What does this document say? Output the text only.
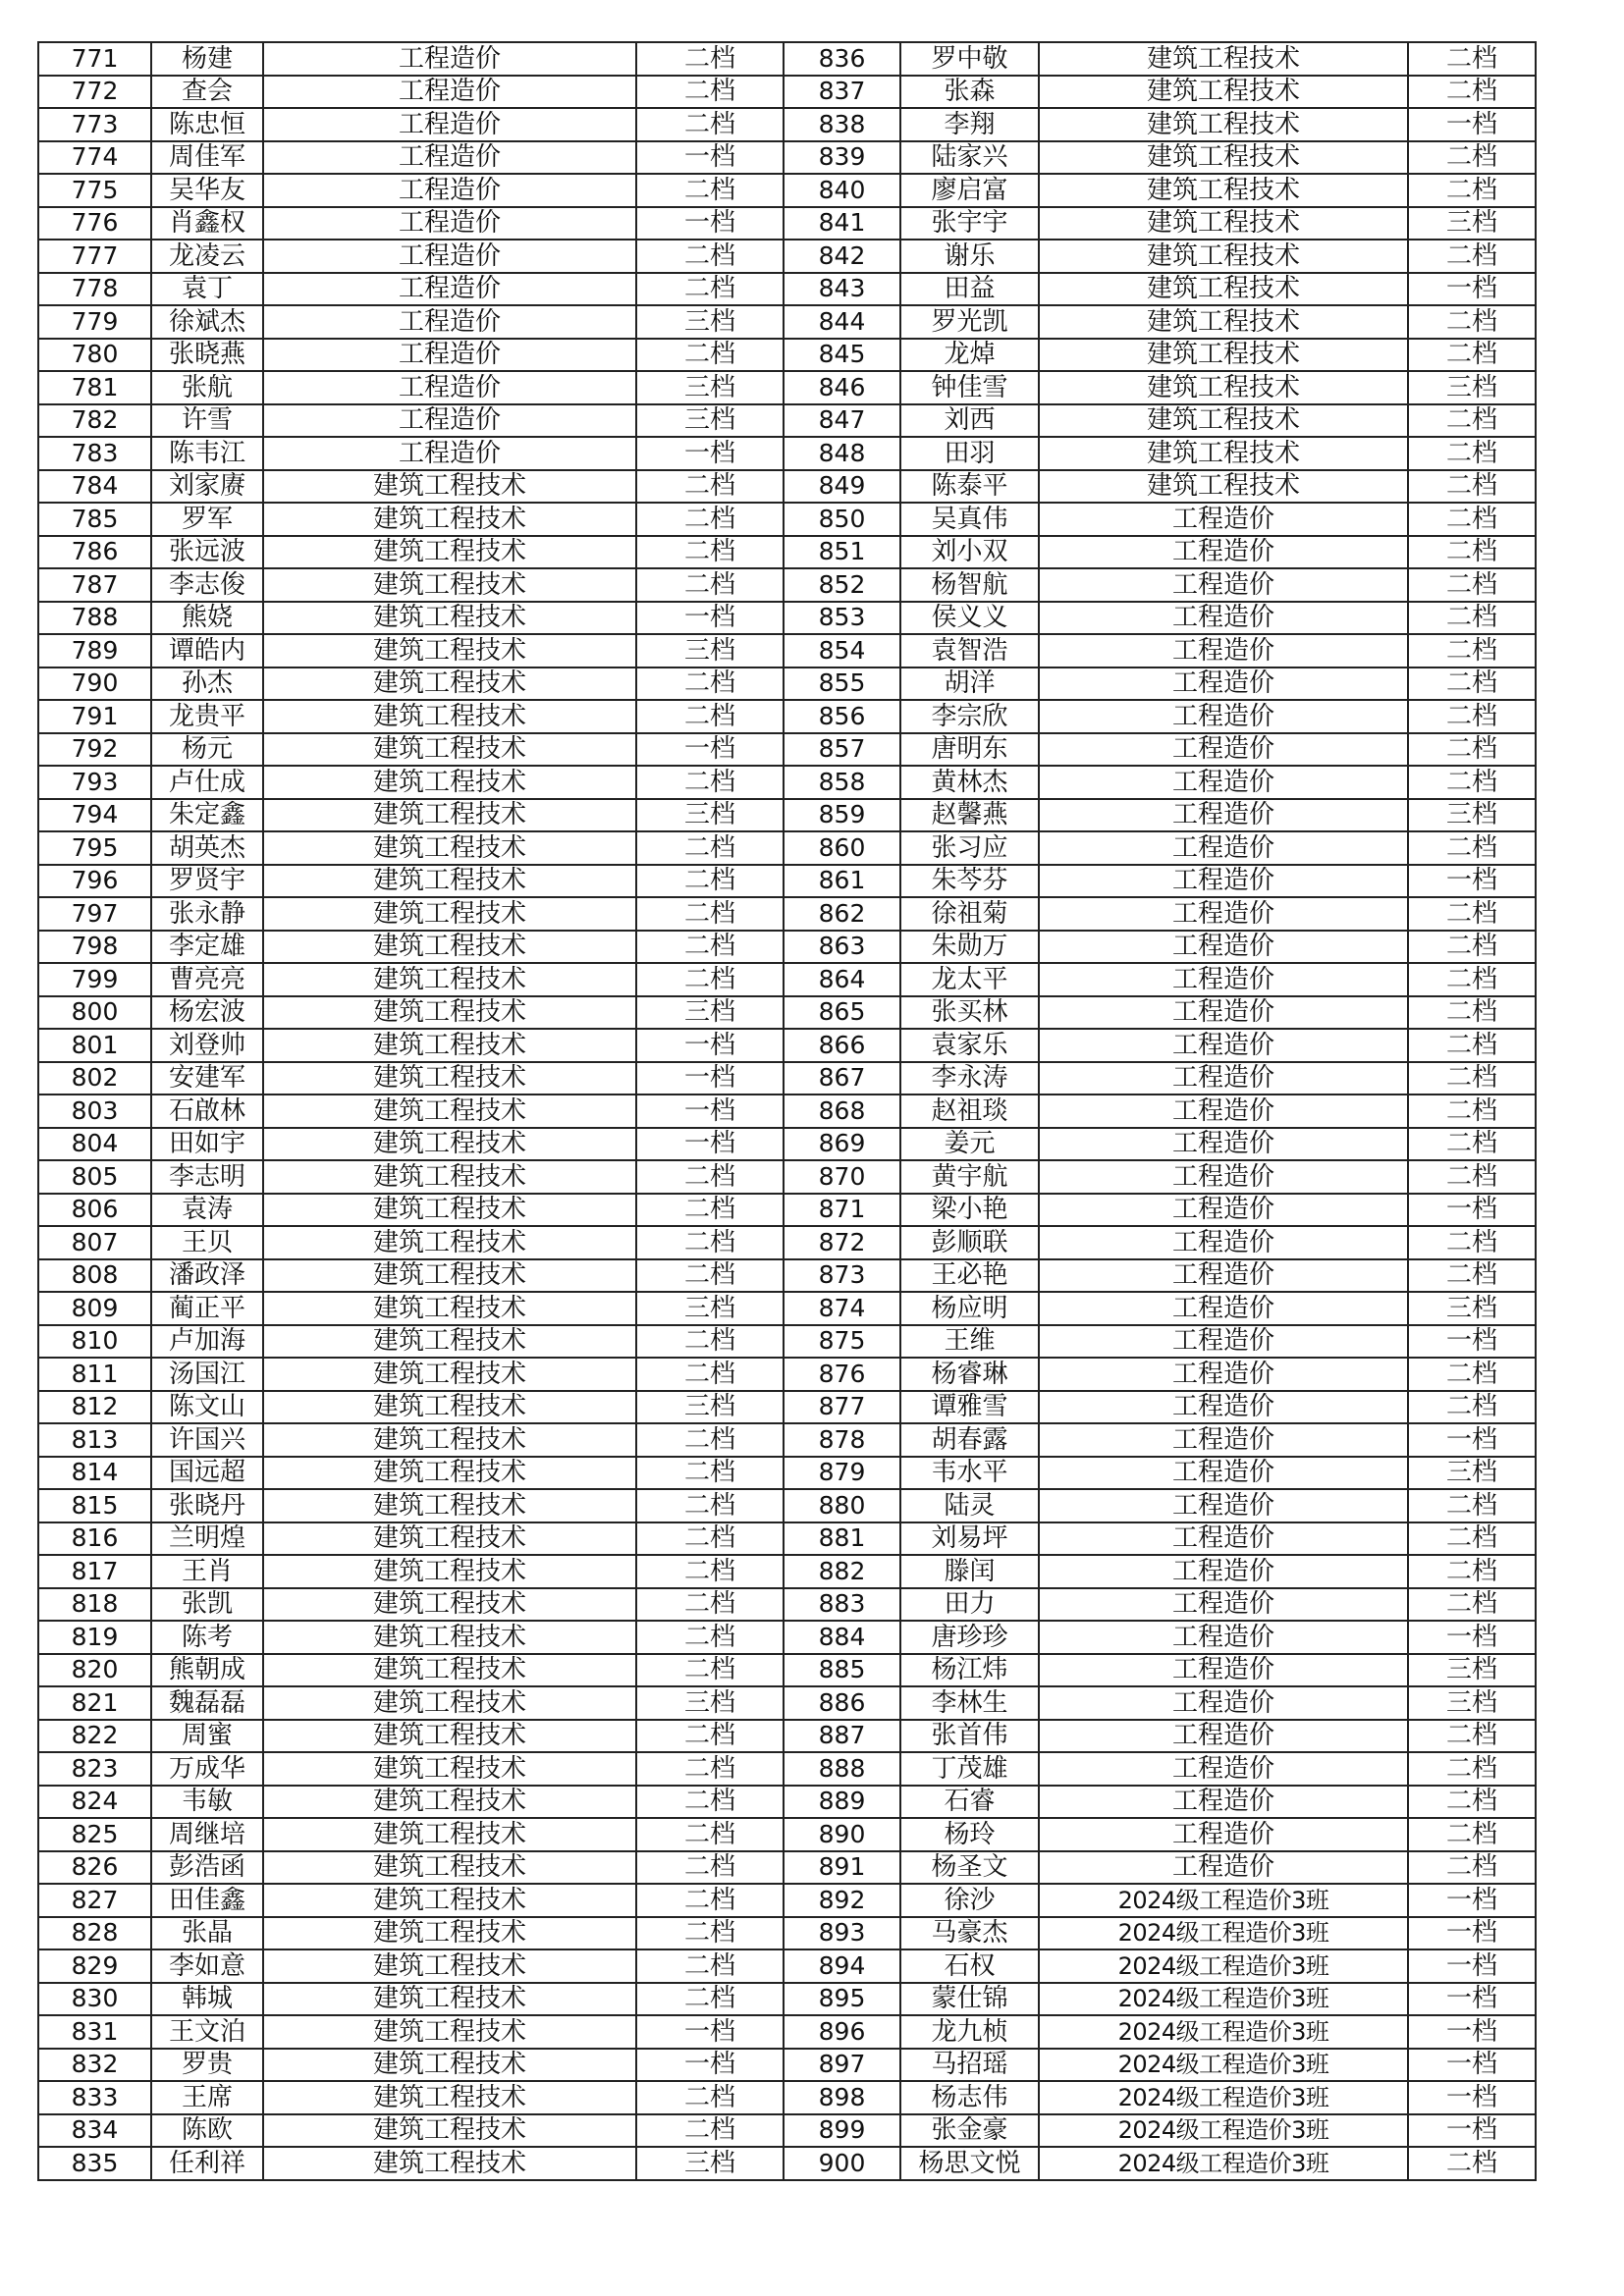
771	杨建	工程造价	二档	836	罗中敬	建筑工程技术	二档
772	查会	工程造价	二档	837	张森	建筑工程技术	二档
773	陈忠恒	工程造价	二档	838	李翔	建筑工程技术	一档
774	周佳军	工程造价	一档	839	陆家兴	建筑工程技术	二档
775	吴华友	工程造价	二档	840	廖启富	建筑工程技术	二档
776	肖鑫权	工程造价	一档	841	张宇宇	建筑工程技术	三档
777	龙凌云	工程造价	二档	842	谢乐	建筑工程技术	二档
778	袁丁	工程造价	二档	843	田益	建筑工程技术	一档
779	徐斌杰	工程造价	三档	844	罗光凯	建筑工程技术	二档
780	张晓燕	工程造价	二档	845	龙焯	建筑工程技术	二档
781	张航	工程造价	三档	846	钟佳雪	建筑工程技术	三档
782	许雪	工程造价	三档	847	刘西	建筑工程技术	二档
783	陈韦江	工程造价	一档	848	田羽	建筑工程技术	二档
784	刘家赓	建筑工程技术	二档	849	陈泰平	建筑工程技术	二档
785	罗军	建筑工程技术	二档	850	吴真伟	工程造价	二档
786	张远波	建筑工程技术	二档	851	刘小双	工程造价	二档
787	李志俊	建筑工程技术	二档	852	杨智航	工程造价	二档
788	熊娆	建筑工程技术	一档	853	侯义义	工程造价	二档
789	谭皓内	建筑工程技术	三档	854	袁智浩	工程造价	二档
790	孙杰	建筑工程技术	二档	855	胡洋	工程造价	二档
791	龙贵平	建筑工程技术	二档	856	李宗欣	工程造价	二档
792	杨元	建筑工程技术	一档	857	唐明东	工程造价	二档
793	卢仕成	建筑工程技术	二档	858	黄林杰	工程造价	二档
794	朱定鑫	建筑工程技术	三档	859	赵馨燕	工程造价	三档
795	胡英杰	建筑工程技术	二档	860	张习应	工程造价	二档
796	罗贤宇	建筑工程技术	二档	861	朱芩芬	工程造价	一档
797	张永静	建筑工程技术	二档	862	徐祖菊	工程造价	二档
798	李定雄	建筑工程技术	二档	863	朱勋万	工程造价	二档
799	曹亮亮	建筑工程技术	二档	864	龙太平	工程造价	二档
800	杨宏波	建筑工程技术	三档	865	张买林	工程造价	二档
801	刘登帅	建筑工程技术	一档	866	袁家乐	工程造价	二档
802	安建军	建筑工程技术	一档	867	李永涛	工程造价	二档
803	石啟林	建筑工程技术	一档	868	赵祖琰	工程造价	二档
804	田如宇	建筑工程技术	一档	869	姜元	工程造价	二档
805	李志明	建筑工程技术	二档	870	黄宇航	工程造价	二档
806	袁涛	建筑工程技术	二档	871	梁小艳	工程造价	一档
807	王贝	建筑工程技术	二档	872	彭顺联	工程造价	二档
808	潘政泽	建筑工程技术	二档	873	王必艳	工程造价	二档
809	蔺正平	建筑工程技术	三档	874	杨应明	工程造价	三档
810	卢加海	建筑工程技术	二档	875	王维	工程造价	一档
811	汤国江	建筑工程技术	二档	876	杨睿琳	工程造价	二档
812	陈文山	建筑工程技术	三档	877	谭雅雪	工程造价	二档
813	许国兴	建筑工程技术	二档	878	胡春露	工程造价	一档
814	国远超	建筑工程技术	二档	879	韦水平	工程造价	三档
815	张晓丹	建筑工程技术	二档	880	陆灵	工程造价	二档
816	兰明煌	建筑工程技术	二档	881	刘易坪	工程造价	二档
817	王肖	建筑工程技术	二档	882	滕闰	工程造价	二档
818	张凯	建筑工程技术	二档	883	田力	工程造价	二档
819	陈考	建筑工程技术	二档	884	唐珍珍	工程造价	一档
820	熊朝成	建筑工程技术	二档	885	杨江炜	工程造价	三档
821	魏磊磊	建筑工程技术	三档	886	李林生	工程造价	三档
822	周蜜	建筑工程技术	二档	887	张首伟	工程造价	二档
823	万成华	建筑工程技术	二档	888	丁茂雄	工程造价	二档
824	韦敏	建筑工程技术	二档	889	石睿	工程造价	二档
825	周继培	建筑工程技术	二档	890	杨玲	工程造价	二档
826	彭浩函	建筑工程技术	二档	891	杨圣文	工程造价	二档
827	田佳鑫	建筑工程技术	二档	892	徐沙	2024级工程造价3班	一档
828	张晶	建筑工程技术	二档	893	马豪杰	2024级工程造价3班	一档
829	李如意	建筑工程技术	二档	894	石权	2024级工程造价3班	一档
830	韩城	建筑工程技术	二档	895	蒙仕锦	2024级工程造价3班	一档
831	王文泊	建筑工程技术	一档	896	龙九桢	2024级工程造价3班	一档
832	罗贵	建筑工程技术	一档	897	马招瑶	2024级工程造价3班	一档
833	王席	建筑工程技术	二档	898	杨志伟	2024级工程造价3班	一档
834	陈欧	建筑工程技术	二档	899	张金豪	2024级工程造价3班	一档
835	任利祥	建筑工程技术	三档	900	杨思文悦	2024级工程造价3班	二档
